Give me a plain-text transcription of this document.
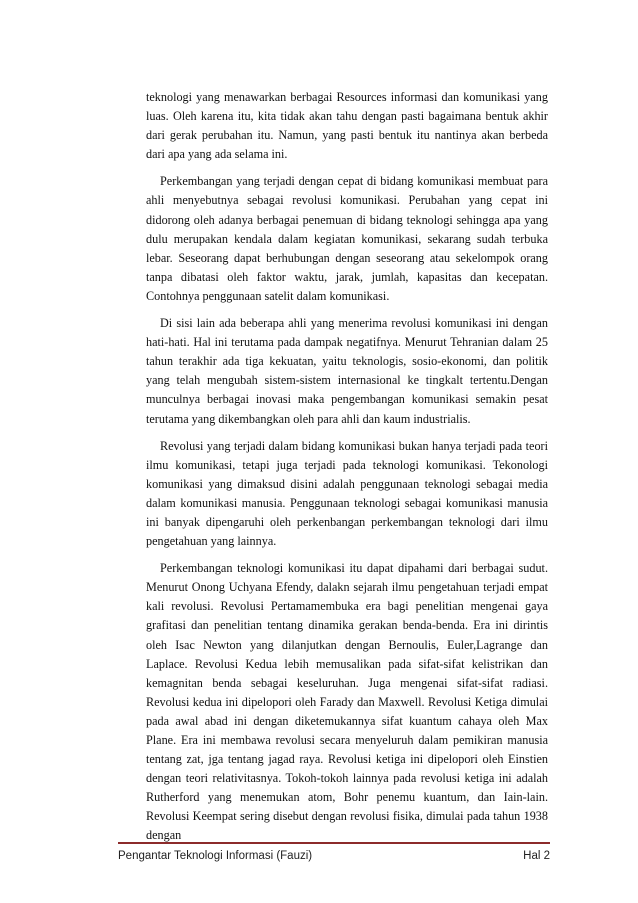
teknologi yang menawarkan berbagai Resources informasi dan komunikasi yang luas. Oleh karena itu, kita tidak akan tahu dengan pasti bagaimana bentuk akhir dari gerak perubahan itu. Namun, yang pasti bentuk itu nantinya akan berbeda dari apa yang ada selama ini.

Perkembangan yang terjadi dengan cepat di bidang komunikasi membuat para ahli menyebutnya sebagai revolusi komunikasi. Perubahan yang cepat ini didorong oleh adanya berbagai penemuan di bidang teknologi sehingga apa yang dulu merupakan kendala dalam kegiatan komunikasi, sekarang sudah terbuka lebar. Seseorang dapat berhubungan dengan seseorang atau sekelompok orang tanpa dibatasi oleh faktor waktu, jarak, jumlah, kapasitas dan kecepatan. Contohnya penggunaan satelit dalam komunikasi.

Di sisi lain ada beberapa ahli yang menerima revolusi komunikasi ini dengan hati-hati. Hal ini terutama pada dampak negatifnya. Menurut Tehranian dalam 25 tahun terakhir ada tiga kekuatan, yaitu teknologis, sosio-ekonomi, dan politik yang telah mengubah sistem-sistem internasional ke tingkalt tertentu.Dengan munculnya berbagai inovasi maka pengembangan komunikasi semakin pesat terutama yang dikembangkan oleh para ahli dan kaum industrialis.

Revolusi yang terjadi dalam bidang komunikasi bukan hanya terjadi pada teori ilmu komunikasi, tetapi juga terjadi pada teknologi komunikasi. Tekonologi komunikasi yang dimaksud disini adalah penggunaan teknologi sebagai media dalam komunikasi manusia. Penggunaan teknologi sebagai komunikasi manusia ini banyak dipengaruhi oleh perkenbangan perkembangan teknologi dari ilmu pengetahuan yang lainnya.

Perkembangan teknologi komunikasi itu dapat dipahami dari berbagai sudut. Menurut Onong Uchyana Efendy, dalakn sejarah ilmu pengetahuan terjadi empat kali revolusi. Revolusi Pertamamembuka era bagi penelitian mengenai gaya grafitasi dan penelitian tentang dinamika gerakan benda-benda. Era ini dirintis oleh Isac Newton yang dilanjutkan dengan Bernoulis, Euler,Lagrange dan Laplace. Revolusi Kedua lebih memusalikan pada sifat-sifat kelistrikan dan kemagnitan benda sebagai keseluruhan. Juga mengenai sifat-sifat radiasi. Revolusi kedua ini dipelopori oleh Farady dan Maxwell. Revolusi Ketiga dimulai pada awal abad ini dengan diketemukannya sifat kuantum cahaya oleh Max Plane. Era ini membawa revolusi secara menyeluruh dalam pemikiran manusia tentang zat, jga tentang jagad raya. Revolusi ketiga ini dipelopori oleh Einstien dengan teori relativitasnya. Tokoh-tokoh lainnya pada revolusi ketiga ini adalah Rutherford yang menemukan atom, Bohr penemu kuantum, dan Iain-lain. Revolusi Keempat sering disebut dengan revolusi fisika, dimulai pada tahun 1938 dengan

Pengantar Teknologi Informasi (Fauzi)	Hal 2
